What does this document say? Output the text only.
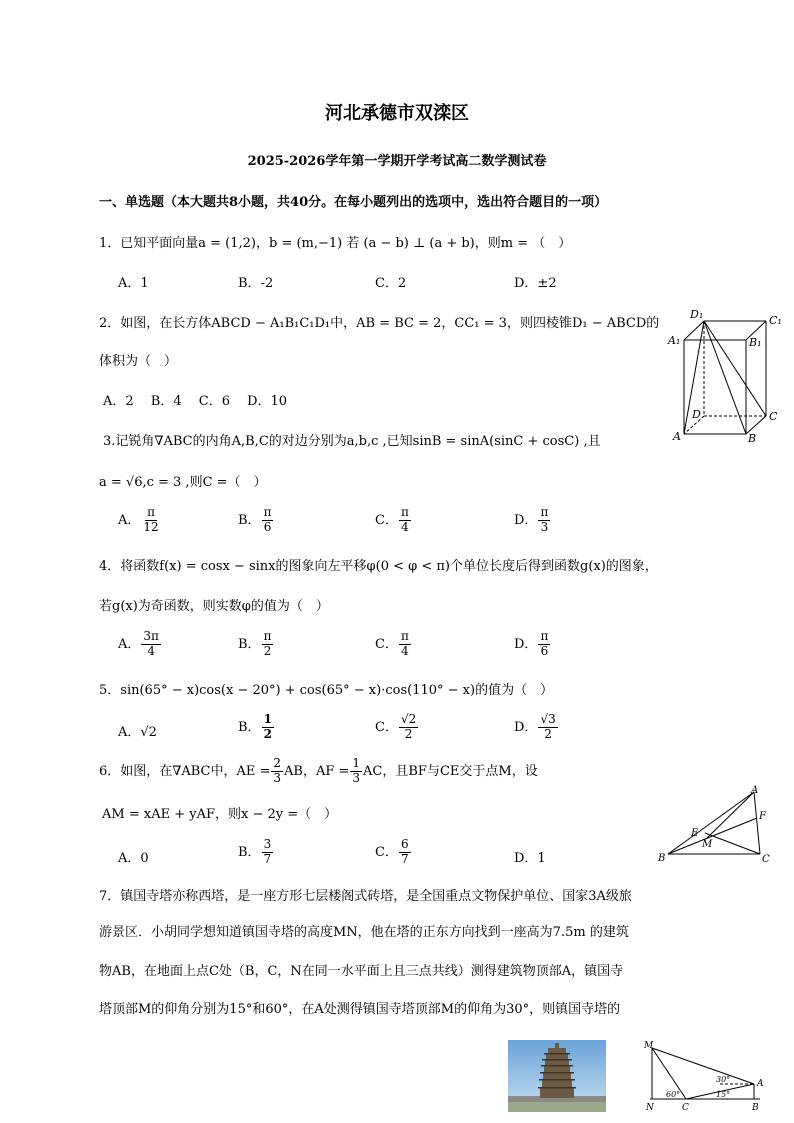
河北承德市双滦区
2025-2026学年第一学期开学考试高二数学测试卷
一、单选题（本大题共8小题，共40分。在每小题列出的选项中，选出符合题目的一项）
1．已知平面向量a = (1,2)，b = (m,−1) 若 (a − b) ⊥ (a + b)，则m = （　）
A．1	B．-2	C．2	D．±2
2．如图，在长方体ABCD − A₁B₁C₁D₁中，AB = BC = 2，CC₁ = 3，则四棱锥D₁ − ABCD的
体积为（　）
A．2　 B．4　 C．6　 D．10
D₁	C₁
A₁	B₁
D	C
A	B
3.记锐角∇ABC的内角A,B,C的对边分别为a,b,c ,已知sinB = sinA(sinC + cosC) ,且
a = √6,c = 3 ,则C =（　）
A． $\frac{\pi}{12}$	B． $\frac{\pi}{6}$	C． $\frac{\pi}{4}$	D． $\frac{\pi}{3}$
4．将函数f(x) = cosx − sinx的图象向左平移φ(0 < φ < π)个单位长度后得到函数g(x)的图象，
若g(x)为奇函数，则实数φ的值为（　）
A． $\frac{3\pi}{4}$	B． $\frac{\pi}{2}$	C． $\frac{\pi}{4}$	D． $\frac{\pi}{6}$
5．sin(65° − x)cos(x − 20°) + cos(65° − x)·cos(110° − x)的值为（　）
A．√2	B． $\frac{1}{2}$	C． $\frac{√2}{2}$	D． $\frac{√3}{2}$
6．如图，在∇ABC中，AE = $\frac{2}{3}$ AB，AF = $\frac{1}{3}$ AC，且BF与CE交于点M，设
AM = xAE + yAF，则x − 2y =（　）
A．0	B． $\frac{3}{7}$	C． $\frac{6}{7}$	D．1
A
F
E
M
B	C
7．镇国寺塔亦称西塔，是一座方形七层楼阁式砖塔，是全国重点文物保护单位、国家3A级旅
游景区．小胡同学想知道镇国寺塔的高度MN，他在塔的正东方向找到一座高为7.5m 的建筑
物AB，在地面上点C处（B，C，N在同一水平面上且三点共线）测得建筑物顶部A，镇国寺
塔顶部M的仰角分别为15°和60°，在A处测得镇国寺塔顶部M的仰角为30°，则镇国寺塔的
M
30°	A
60°	15°
N	C	B
